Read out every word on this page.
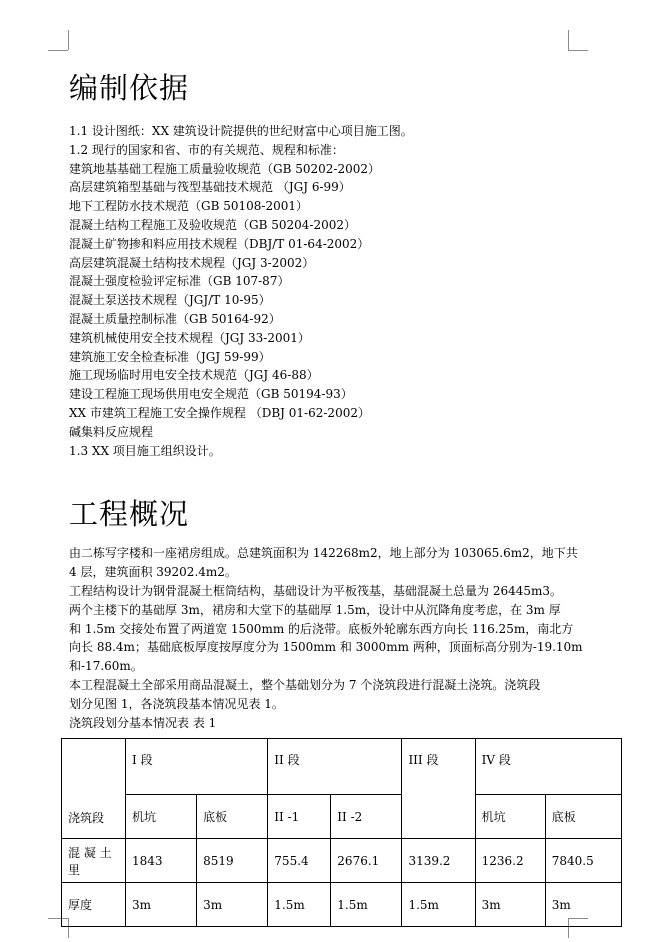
编制依据
1.1 设计图纸：XX 建筑设计院提供的世纪财富中心项目施工图。
1.2 现行的国家和省、市的有关规范、规程和标准：
建筑地基基础工程施工质量验收规范（GB 50202-2002）
高层建筑箱型基础与筏型基础技术规范 （JGJ 6-99）
地下工程防水技术规范（GB 50108-2001）
混凝土结构工程施工及验收规范（GB 50204-2002）
混凝土矿物掺和料应用技术规程（DBJ/T 01-64-2002）
高层建筑混凝土结构技术规程（JGJ 3-2002）
混凝土强度检验评定标准（GB 107-87）
混凝土泵送技术规程（JGJ/T 10-95）
混凝土质量控制标准（GB 50164-92）
建筑机械使用安全技术规程（JGJ 33-2001）
建筑施工安全检查标准（JGJ 59-99）
施工现场临时用电安全技术规范（JGJ 46-88）
建设工程施工现场供用电安全规范（GB 50194-93）
XX 市建筑工程施工安全操作规程 （DBJ 01-62-2002）
碱集料反应规程
1.3 XX 项目施工组织设计。
工程概况
由二栋写字楼和一座裙房组成。总建筑面积为 142268m2，地上部分为 103065.6m2，地下共
4 层，建筑面积 39202.4m2。
工程结构设计为钢骨混凝土框筒结构，基础设计为平板筏基，基础混凝土总量为 26445m3。
两个主楼下的基础厚 3m，裙房和大堂下的基础厚 1.5m，设计中从沉降角度考虑，在 3m 厚
和 1.5m 交接处布置了两道宽 1500mm 的后浇带。底板外轮廓东西方向长 116.25m，南北方
向长 88.4m；基础底板厚度按厚度分为 1500mm 和 3000mm 两种，顶面标高分别为-19.10m
和-17.60m。
本工程混凝土全部采用商品混凝土，整个基础划分为 7 个浇筑段进行混凝土浇筑。浇筑段
划分见图 1，各浇筑段基本情况见表 1。
浇筑段划分基本情况表 表 1
浇筑段	I 段		II 段		III 段	IV 段	
	机坑	底板	II -1	II -2		机坑	底板
混 凝 土 里	1843	8519	755.4	2676.1	3139.2	1236.2	7840.5
厚度	3m	3m	1.5m	1.5m	1.5m	3m	3m
